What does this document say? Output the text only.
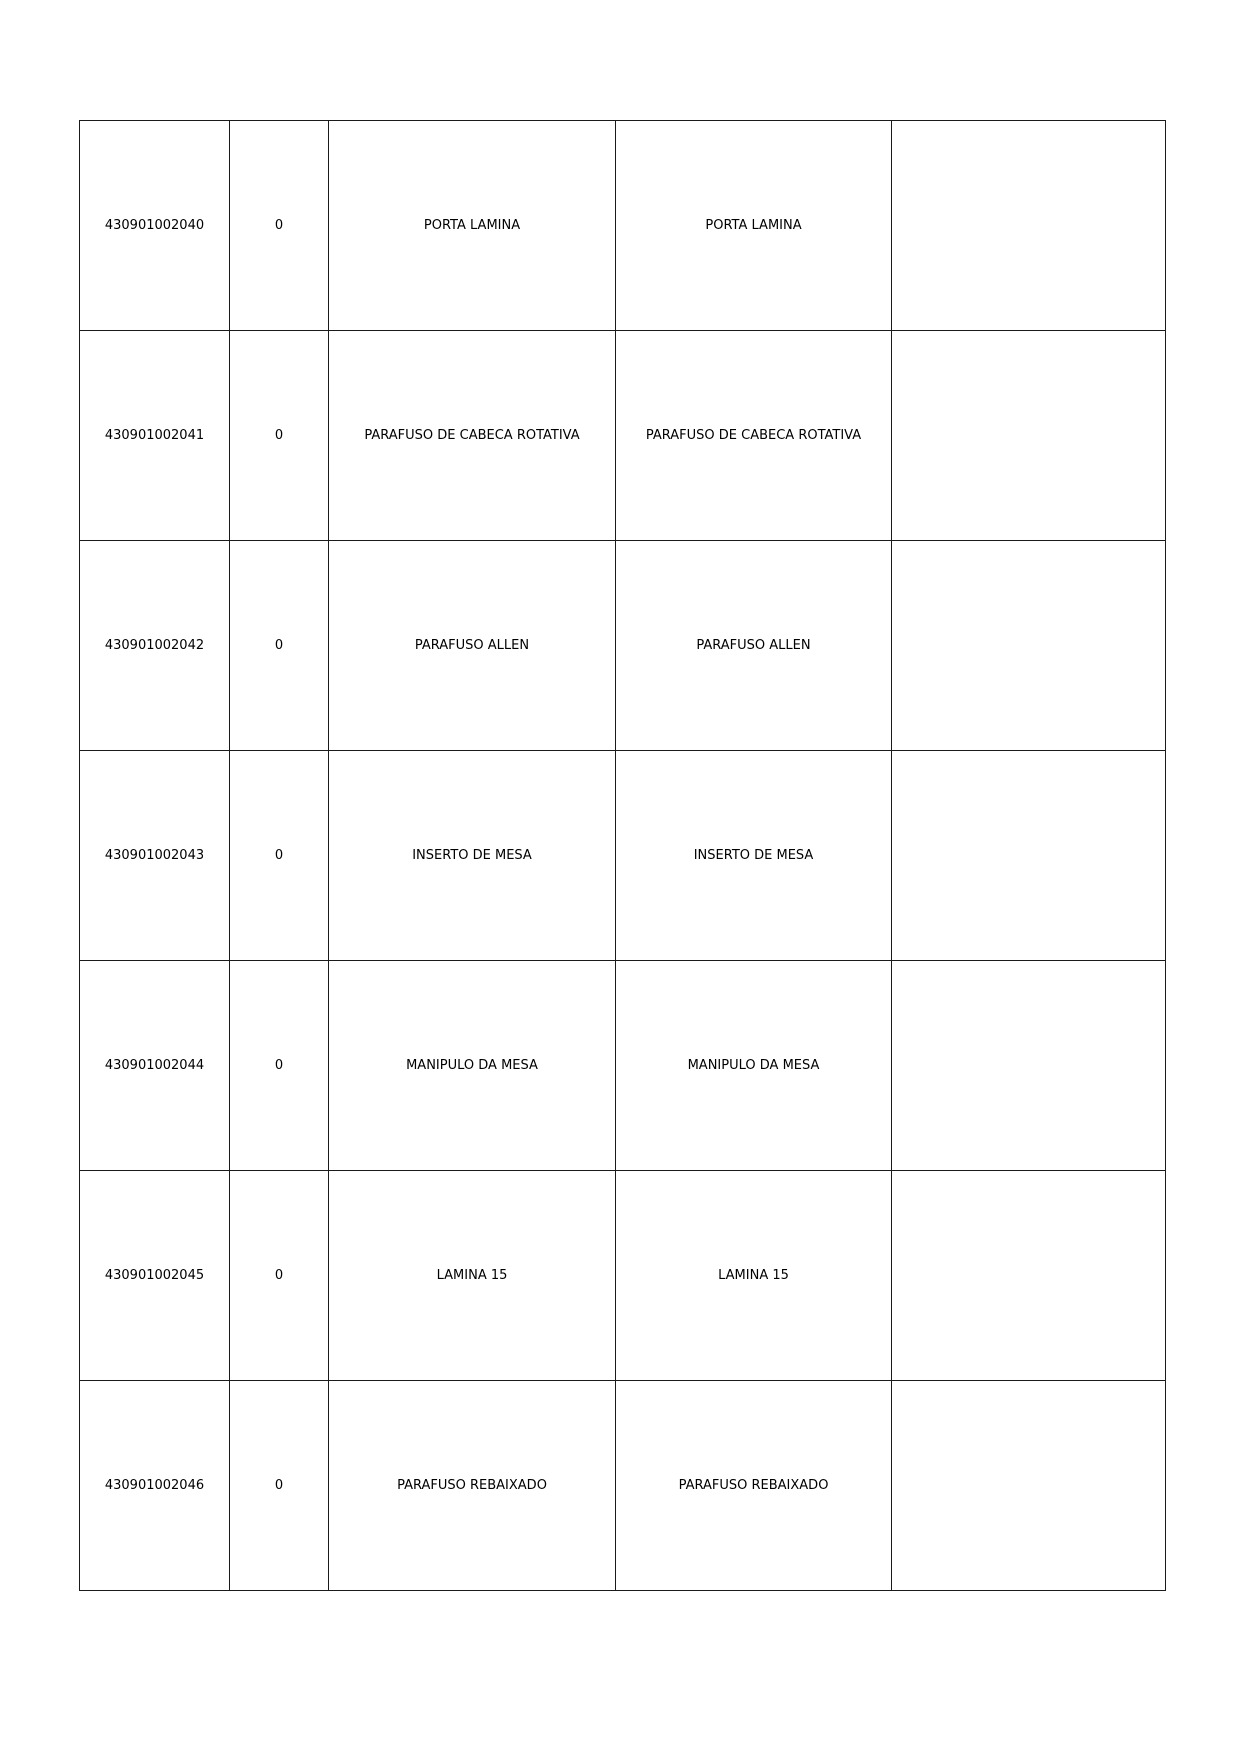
430901002040	0	PORTA LAMINA	PORTA LAMINA	
430901002041	0	PARAFUSO DE CABECA ROTATIVA	PARAFUSO DE CABECA ROTATIVA	
430901002042	0	PARAFUSO ALLEN	PARAFUSO ALLEN	
430901002043	0	INSERTO DE MESA	INSERTO DE MESA	
430901002044	0	MANIPULO DA MESA	MANIPULO DA MESA	
430901002045	0	LAMINA 15	LAMINA 15	
430901002046	0	PARAFUSO REBAIXADO	PARAFUSO REBAIXADO	
